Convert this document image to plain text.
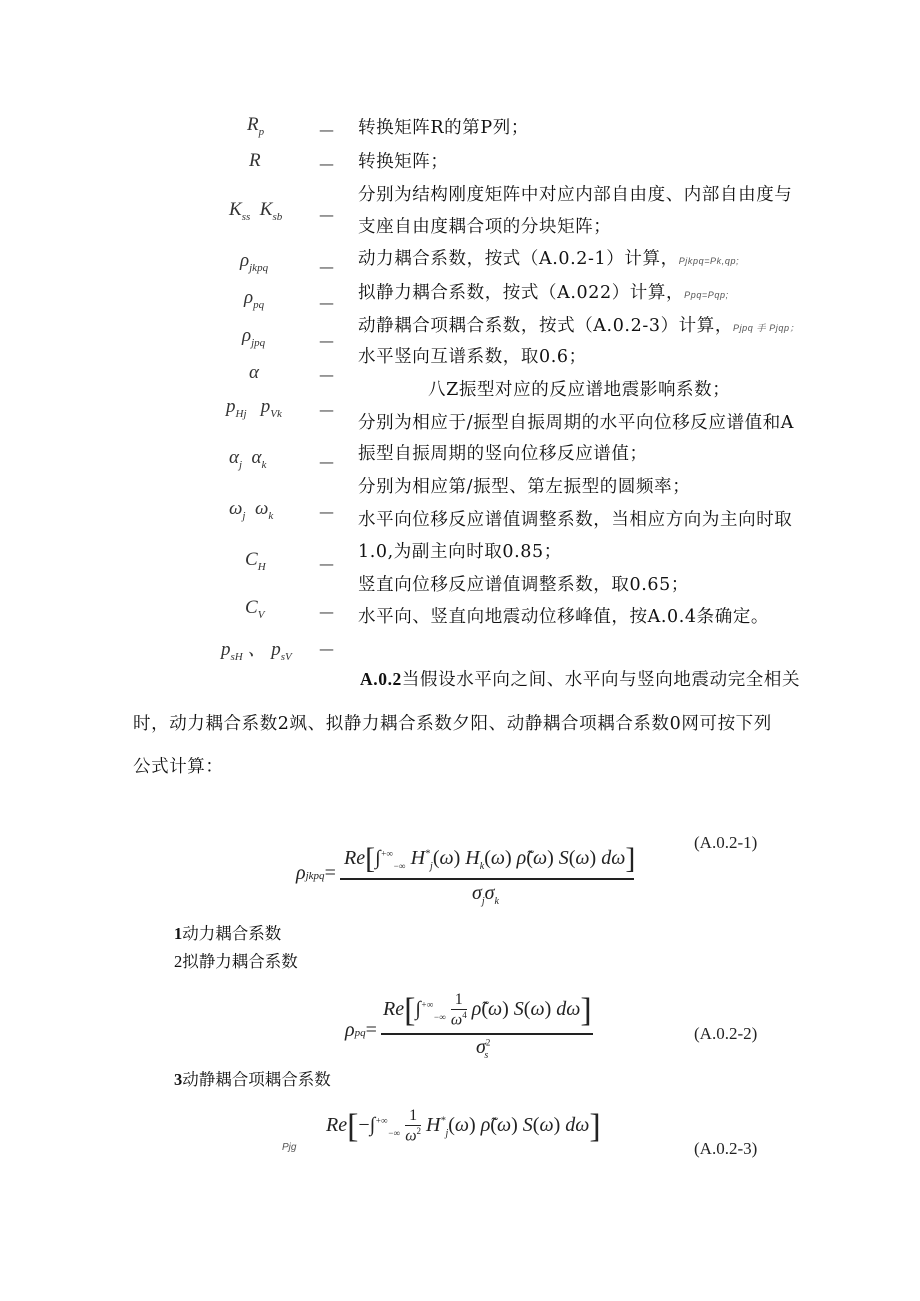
$R_p$
R
$K_{ss}$  $K_{sb}$
$\rho_{jkpq}$
$\rho_{pq}$
$\rho_{jpq}$
α
$p_{Hj}$   $p_{Vk}$
$\alpha_j$  $\alpha_k$
$\omega_j$  $\omega_k$
$C_H$
$C_V$
$p_{sH}$ 、 $p_{sV}$
—
—
—
—
—
—
—
—
—
—
—
—
—
转换矩阵R的第P列；
转换矩阵；
分别为结构刚度矩阵中对应内部自由度、内部自由度与
支座自由度耦合项的分块矩阵；
动力耦合系数，按式（A.0.2-1）计算，Pjkpq=Pk,qp;
拟静力耦合系数，按式（A.022）计算，Ppq=Pqp;
动静耦合项耦合系数，按式（A.0.2-3）计算，Pjpq 手 Pjqp；
水平竖向互谱系数，取0.6；
八Z振型对应的反应谱地震影响系数；
分别为相应于/振型自振周期的水平向位移反应谱值和A
振型自振周期的竖向位移反应谱值；
分别为相应第/振型、第左振型的圆频率；
水平向位移反应谱值调整系数，当相应方向为主向时取
1.0,为副主向时取0.85；
竖直向位移反应谱值调整系数，取0.65；
水平向、竖直向地震动位移峰值，按A.0.4条确定。
A.0.2当假设水平向之间、水平向与竖向地震动完全相关
时，动力耦合系数2飒、拟静力耦合系数夕阳、动静耦合项耦合系数0网可按下列
公式计算：
ρjkpq=
$Re[\int^{+\infty}_{-\infty}$ $H^*_j(\omega)$ $H_k(\omega)$ ρ̃(ω) S(ω) dω]
$\sigma_j\sigma_k$
(A.0.2-1)
1动力耦合系数
2拟静力耦合系数
ρpq=
$Re[\int^{+\infty}_{-\infty} \frac{1}{\omega^4}$ ρ̃(ω) S(ω) dω]
$\sigma^2_s$
(A.0.2-2)
3动静耦合项耦合系数
Pjg
$Re[-\int^{+\infty}_{-\infty} \frac{1}{\omega^2} H^*_j(\omega)$ ρ̃(ω) S(ω) dω]
(A.0.2-3)
